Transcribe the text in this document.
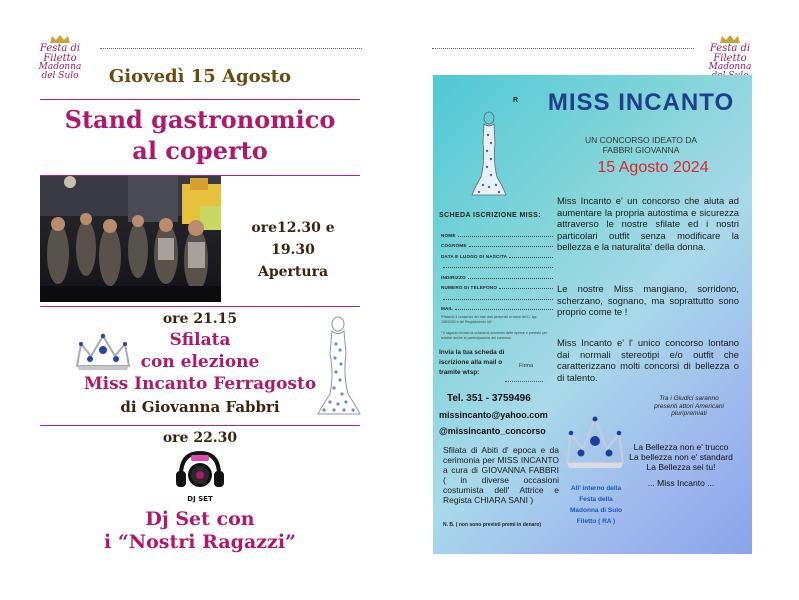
Festa di Filetto
Madonna del Sulo
Festa di Filetto
Madonna
Giovedì 15 Agosto
Stand gastronomico
al coperto
ore12.30 e 19.30
Apertura
ore 21.15
Sfilata
con elezione
Miss Incanto Ferragosto
di Giovanna Fabbri
ore 22.30
DJ SET
Dj Set con
i “Nostri Ragazzi”
R MISS INCANTO
UN CONCORSO IDEATO DA
FABBRI GIOVANNA
15 Agosto 2024
SCHEDA ISCRIZIONE MISS:
NOME
COGNOME
DATA E LUOGO DI NASCITA
INDIRIZZO
NUMERO DI TELEFONO
MAIL
*Rilascio il consenso dei miei dati personali ai sensi del D. lgs. 196/2003 e del Regolamento UE
* Il ragazzo inviato la scheda al momento delle riprese e previsto per relative anche la partecipazione del concorso.
Invia la tua scheda di
iscrizione alla mail o
tramite wtsp:
Firma
Miss Incanto e' un concorso che aiuta ad aumentare la propria autostima e sicurezza attraverso le nostre sfilate ed i nostri particolari outfit senza modificare la bellezza e la naturalita' della donna.
Le nostre Miss mangiano, sorridono, scherzano, sognano, ma soprattutto sono proprio come te !
Miss Incanto e' l' unico concorso lontano dai normali stereotipi e/o outfit che caratterizzano molti concorsi di bellezza o di talento.
Tel. 351 - 3759496
missincanto@yahoo.com
@missincanto_concorso
Tra i Giudici saranno
presenti attori Americani
pluripremiati
La Bellezza non e' trucco
La bellezza non e' standard
La Bellezza sei tu!
... Miss Incanto ...
Sfilata di Abiti d' epoca e da cerimonia per MISS INCANTO a cura di GIOVANNA FABBRI ( in diverse occasioni costumista dell' Attrice e Regista CHIARA SANI )
All' interno della
Festa della
Madonna di Sulo
Filetto ( RA )
N. B. ( non sono previsti premi in denaro)
